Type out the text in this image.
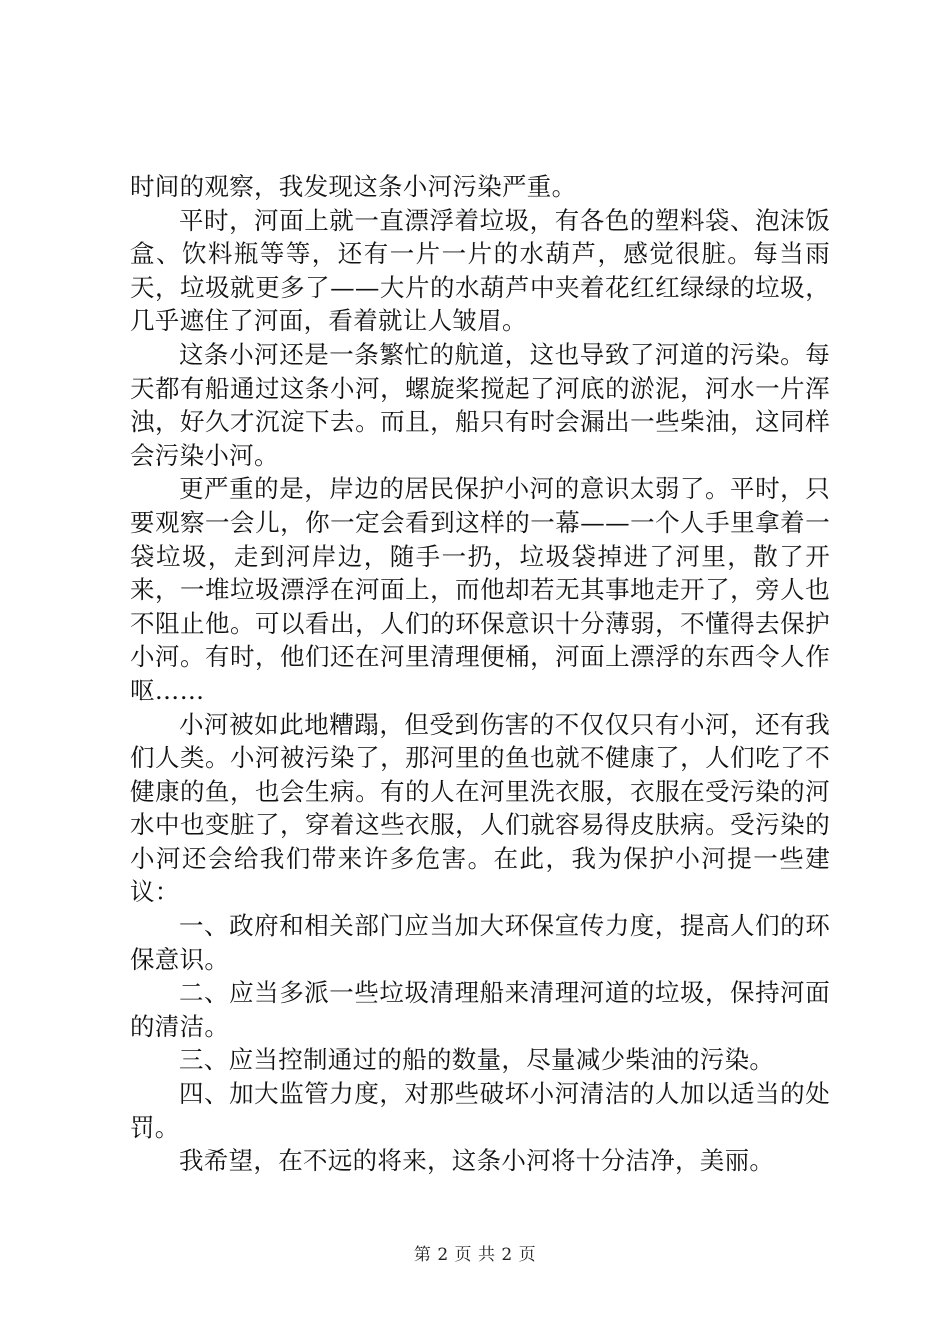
时间的观察，我发现这条小河污染严重。

平时，河面上就一直漂浮着垃圾，有各色的塑料袋、泡沫饭盒、饮料瓶等等，还有一片一片的水葫芦，感觉很脏。每当雨天，垃圾就更多了——大片的水葫芦中夹着花红红绿绿的垃圾，几乎遮住了河面，看着就让人皱眉。

这条小河还是一条繁忙的航道，这也导致了河道的污染。每天都有船通过这条小河，螺旋桨搅起了河底的淤泥，河水一片浑浊，好久才沉淀下去。而且，船只有时会漏出一些柴油，这同样会污染小河。

更严重的是，岸边的居民保护小河的意识太弱了。平时，只要观察一会儿，你一定会看到这样的一幕——一个人手里拿着一袋垃圾，走到河岸边，随手一扔，垃圾袋掉进了河里，散了开来，一堆垃圾漂浮在河面上，而他却若无其事地走开了，旁人也不阻止他。可以看出，人们的环保意识十分薄弱，不懂得去保护小河。有时，他们还在河里清理便桶，河面上漂浮的东西令人作呕……

小河被如此地糟蹋，但受到伤害的不仅仅只有小河，还有我们人类。小河被污染了，那河里的鱼也就不健康了，人们吃了不健康的鱼，也会生病。有的人在河里洗衣服，衣服在受污染的河水中也变脏了，穿着这些衣服，人们就容易得皮肤病。受污染的小河还会给我们带来许多危害。在此，我为保护小河提一些建议：

一、政府和相关部门应当加大环保宣传力度，提高人们的环保意识。

二、应当多派一些垃圾清理船来清理河道的垃圾，保持河面的清洁。

三、应当控制通过的船的数量，尽量减少柴油的污染。

四、加大监管力度，对那些破坏小河清洁的人加以适当的处罚。

我希望，在不远的将来，这条小河将十分洁净，美丽。

第 2 页 共 2 页
